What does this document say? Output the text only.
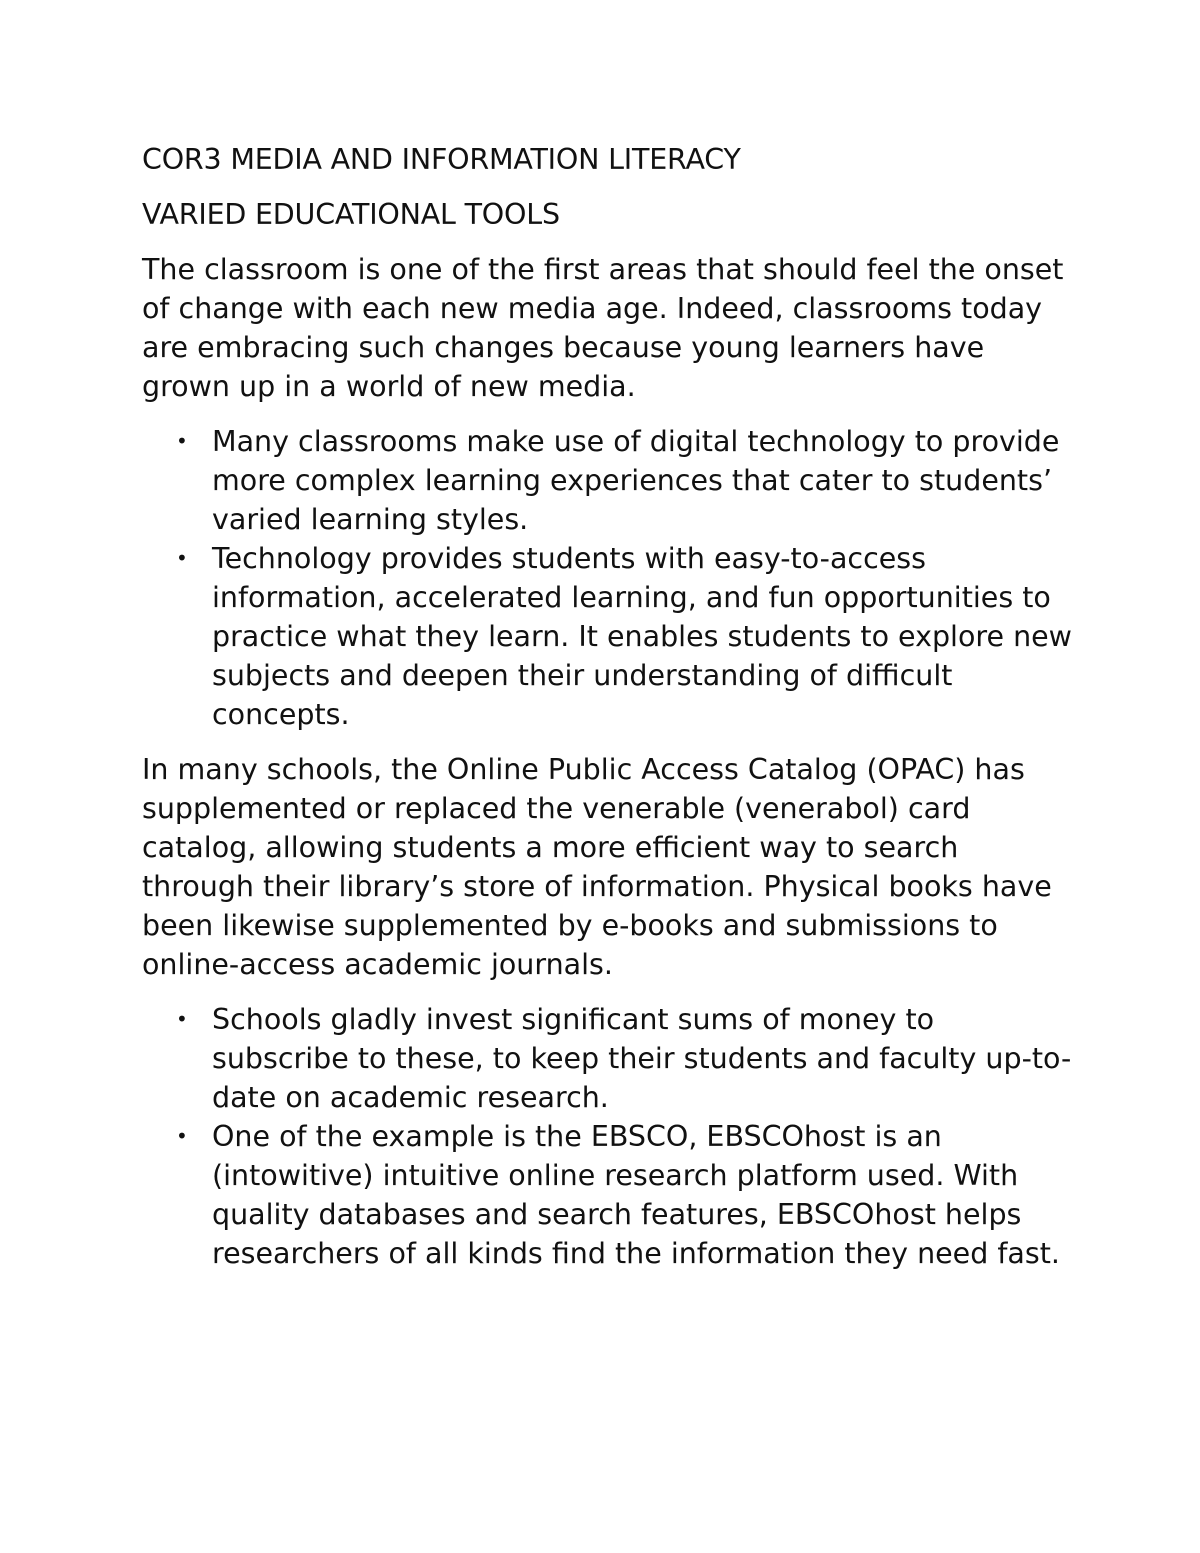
COR3 MEDIA AND INFORMATION LITERACY
VARIED EDUCATIONAL TOOLS

The classroom is one of the first areas that should feel the onset of change with each new media age. Indeed, classrooms today are embracing such changes because young learners have grown up in a world of new media.

• Many classrooms make use of digital technology to provide more complex learning experiences that cater to students’ varied learning styles.
• Technology provides students with easy-to-access information, accelerated learning, and fun opportunities to practice what they learn. It enables students to explore new subjects and deepen their understanding of difficult concepts.

In many schools, the Online Public Access Catalog (OPAC) has supplemented or replaced the venerable (venerabol) card catalog, allowing students a more efficient way to search through their library’s store of information. Physical books have been likewise supplemented by e-books and submissions to online-access academic journals.

• Schools gladly invest significant sums of money to subscribe to these, to keep their students and faculty up-to-date on academic research.
• One of the example is the EBSCO, EBSCOhost is an (intowitive) intuitive online research platform used. With quality databases and search features, EBSCOhost helps researchers of all kinds find the information they need fast.
